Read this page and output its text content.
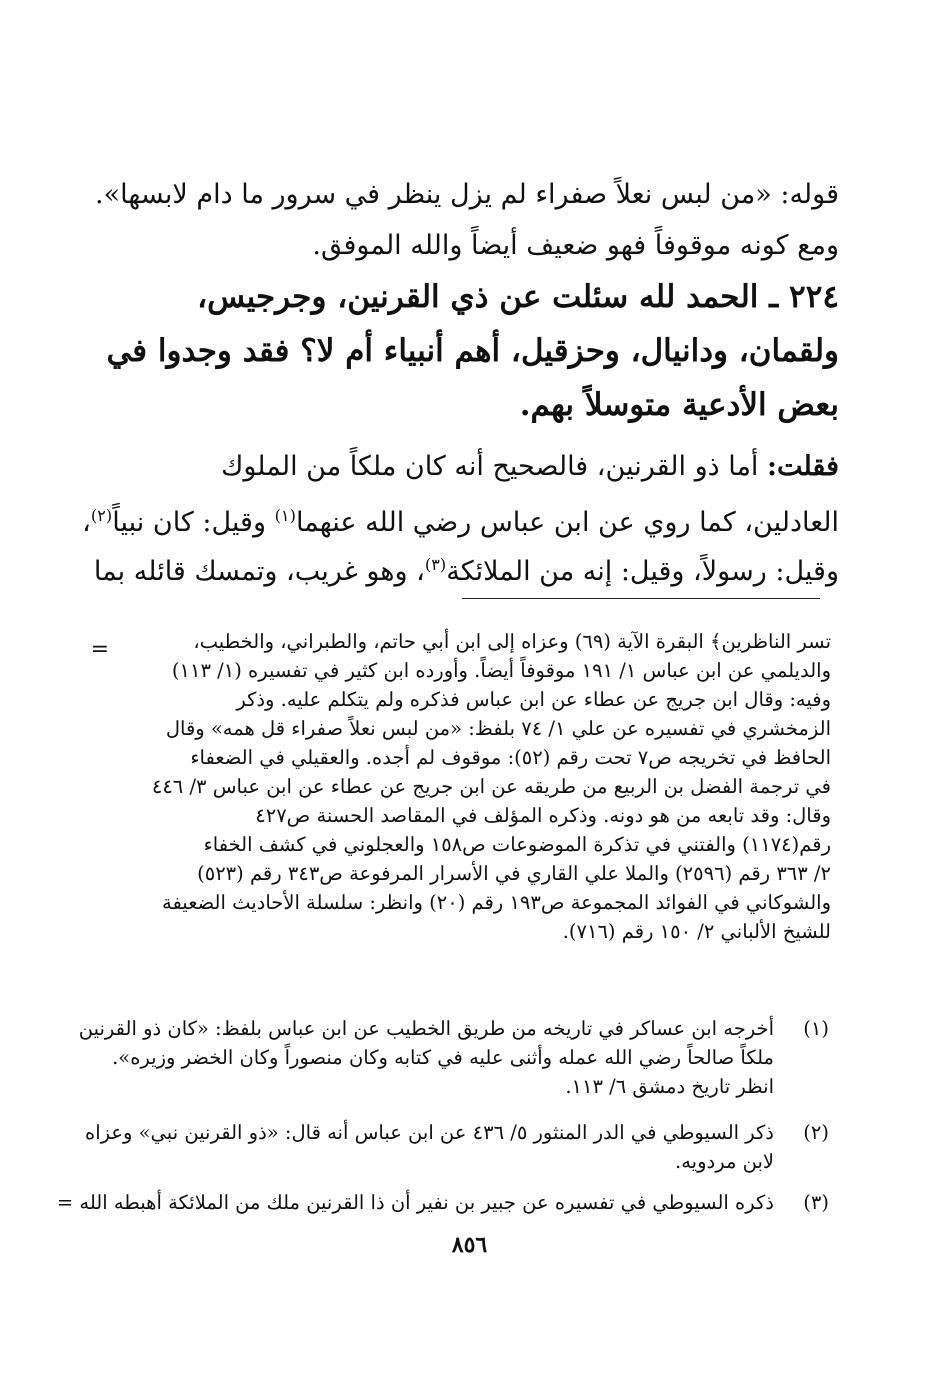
قوله: «من لبس نعلاً صفراء لم يزل ينظر في سرور ما دام لابسها».
ومع كونه موقوفاً فهو ضعيف أيضاً والله الموفق.
٢٢٤ ـ الحمد لله سئلت عن ذي القرنين، وجرجيس،
ولقمان، ودانيال، وحزقيل، أهم أنبياء أم لا؟ فقد وجدوا في
بعض الأدعية متوسلاً بهم.
فقلت: أما ذو القرنين، فالصحيح أنه كان ملكاً من الملوك
العادلين، كما روي عن ابن عباس رضي الله عنهما$^{(١)}$ وقيل: كان نبياً$^{(٢)}$،
وقيل: رسولاً، وقيل: إنه من الملائكة$^{(٣)}$، وهو غريب، وتمسك قائله بما
=	تسر الناظرين﴾ البقرة الآية (٦٩) وعزاه إلى ابن أبي حاتم، والطبراني، والخطيب،
والديلمي عن ابن عباس ١/ ١٩١ موقوفاً أيضاً. وأورده ابن كثير في تفسيره (١/ ١١٣)
وفيه: وقال ابن جريج عن عطاء عن ابن عباس فذكره ولم يتكلم عليه. وذكر
الزمخشري في تفسيره عن علي ١/ ٧٤ بلفظ: «من لبس نعلاً صفراء قل همه» وقال
الحافظ في تخريجه ص٧ تحت رقم (٥٢): موقوف لم أجده. والعقيلي في الضعفاء
في ترجمة الفضل بن الربيع من طريقه عن ابن جريج عن عطاء عن ابن عباس ٣/ ٤٤٦
وقال: وقد تابعه من هو دونه. وذكره المؤلف في المقاصد الحسنة ص٤٢٧
رقم(١١٧٤) والفتني في تذكرة الموضوعات ص١٥٨ والعجلوني في كشف الخفاء
٢/ ٣٦٣ رقم (٢٥٩٦) والملا علي القاري في الأسرار المرفوعة ص٣٤٣ رقم (٥٢٣)
والشوكاني في الفوائد المجموعة ص١٩٣ رقم (٢٠) وانظر: سلسلة الأحاديث الضعيفة
للشيخ الألباني ٢/ ١٥٠ رقم (٧١٦).
(١)
أخرجه ابن عساكر في تاريخه من طريق الخطيب عن ابن عباس بلفظ: «كان ذو القرنين
ملكاً صالحاً رضي الله عمله وأثنى عليه في كتابه وكان منصوراً وكان الخضر وزيره».
انظر تاريخ دمشق ٦/ ١١٣.
(٢)
ذكر السيوطي في الدر المنثور ٥/ ٤٣٦ عن ابن عباس أنه قال: «ذو القرنين نبي» وعزاه
لابن مردويه.
(٣)
ذكره السيوطي في تفسيره عن جبير بن نفير أن ذا القرنين ملك من الملائكة أهبطه الله =
٨٥٦
